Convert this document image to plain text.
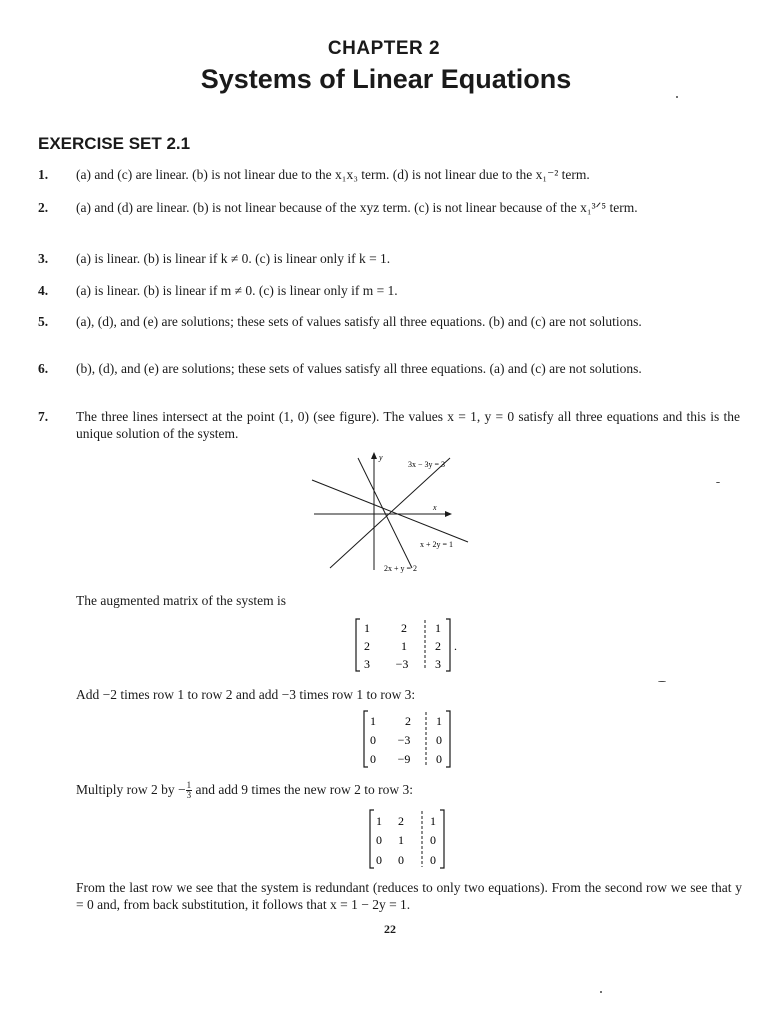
CHAPTER 2
Systems of Linear Equations
EXERCISE SET 2.1
1.	(a) and (c) are linear. (b) is not linear due to the x₁x₃ term. (d) is not linear due to the x₁⁻² term.
2.	(a) and (d) are linear. (b) is not linear because of the xyz term. (c) is not linear because of the x₁³ᐟ⁵ term.
3.	(a) is linear. (b) is linear if k ≠ 0. (c) is linear only if k = 1.
4.	(a) is linear. (b) is linear if m ≠ 0. (c) is linear only if m = 1.
5.	(a), (d), and (e) are solutions; these sets of values satisfy all three equations. (b) and (c) are not solutions.
6.	(b), (d), and (e) are solutions; these sets of values satisfy all three equations. (a) and (c) are not solutions.
7.	The three lines intersect at the point (1, 0) (see figure). The values x = 1, y = 0 satisfy all three equations and this is the unique solution of the system.
y
x
3x − 3y = 3
x + 2y = 1
2x + y = 2
The augmented matrix of the system is
1	2 1
2	1 2
3 −3 3
.
Add −2 times row 1 to row 2 and add −3 times row 1 to row 3:
1 2 1
0 −3 0
0 −9 0
Multiply row 2 by − $\frac{1}{3}$ and add 9 times the new row 2 to row 3:
1 2 1
0 1 0
0 0 0
From the last row we see that the system is redundant (reduces to only two equations). From the second row we see that y = 0 and, from back substitution, it follows that x = 1 − 2y = 1.
22
